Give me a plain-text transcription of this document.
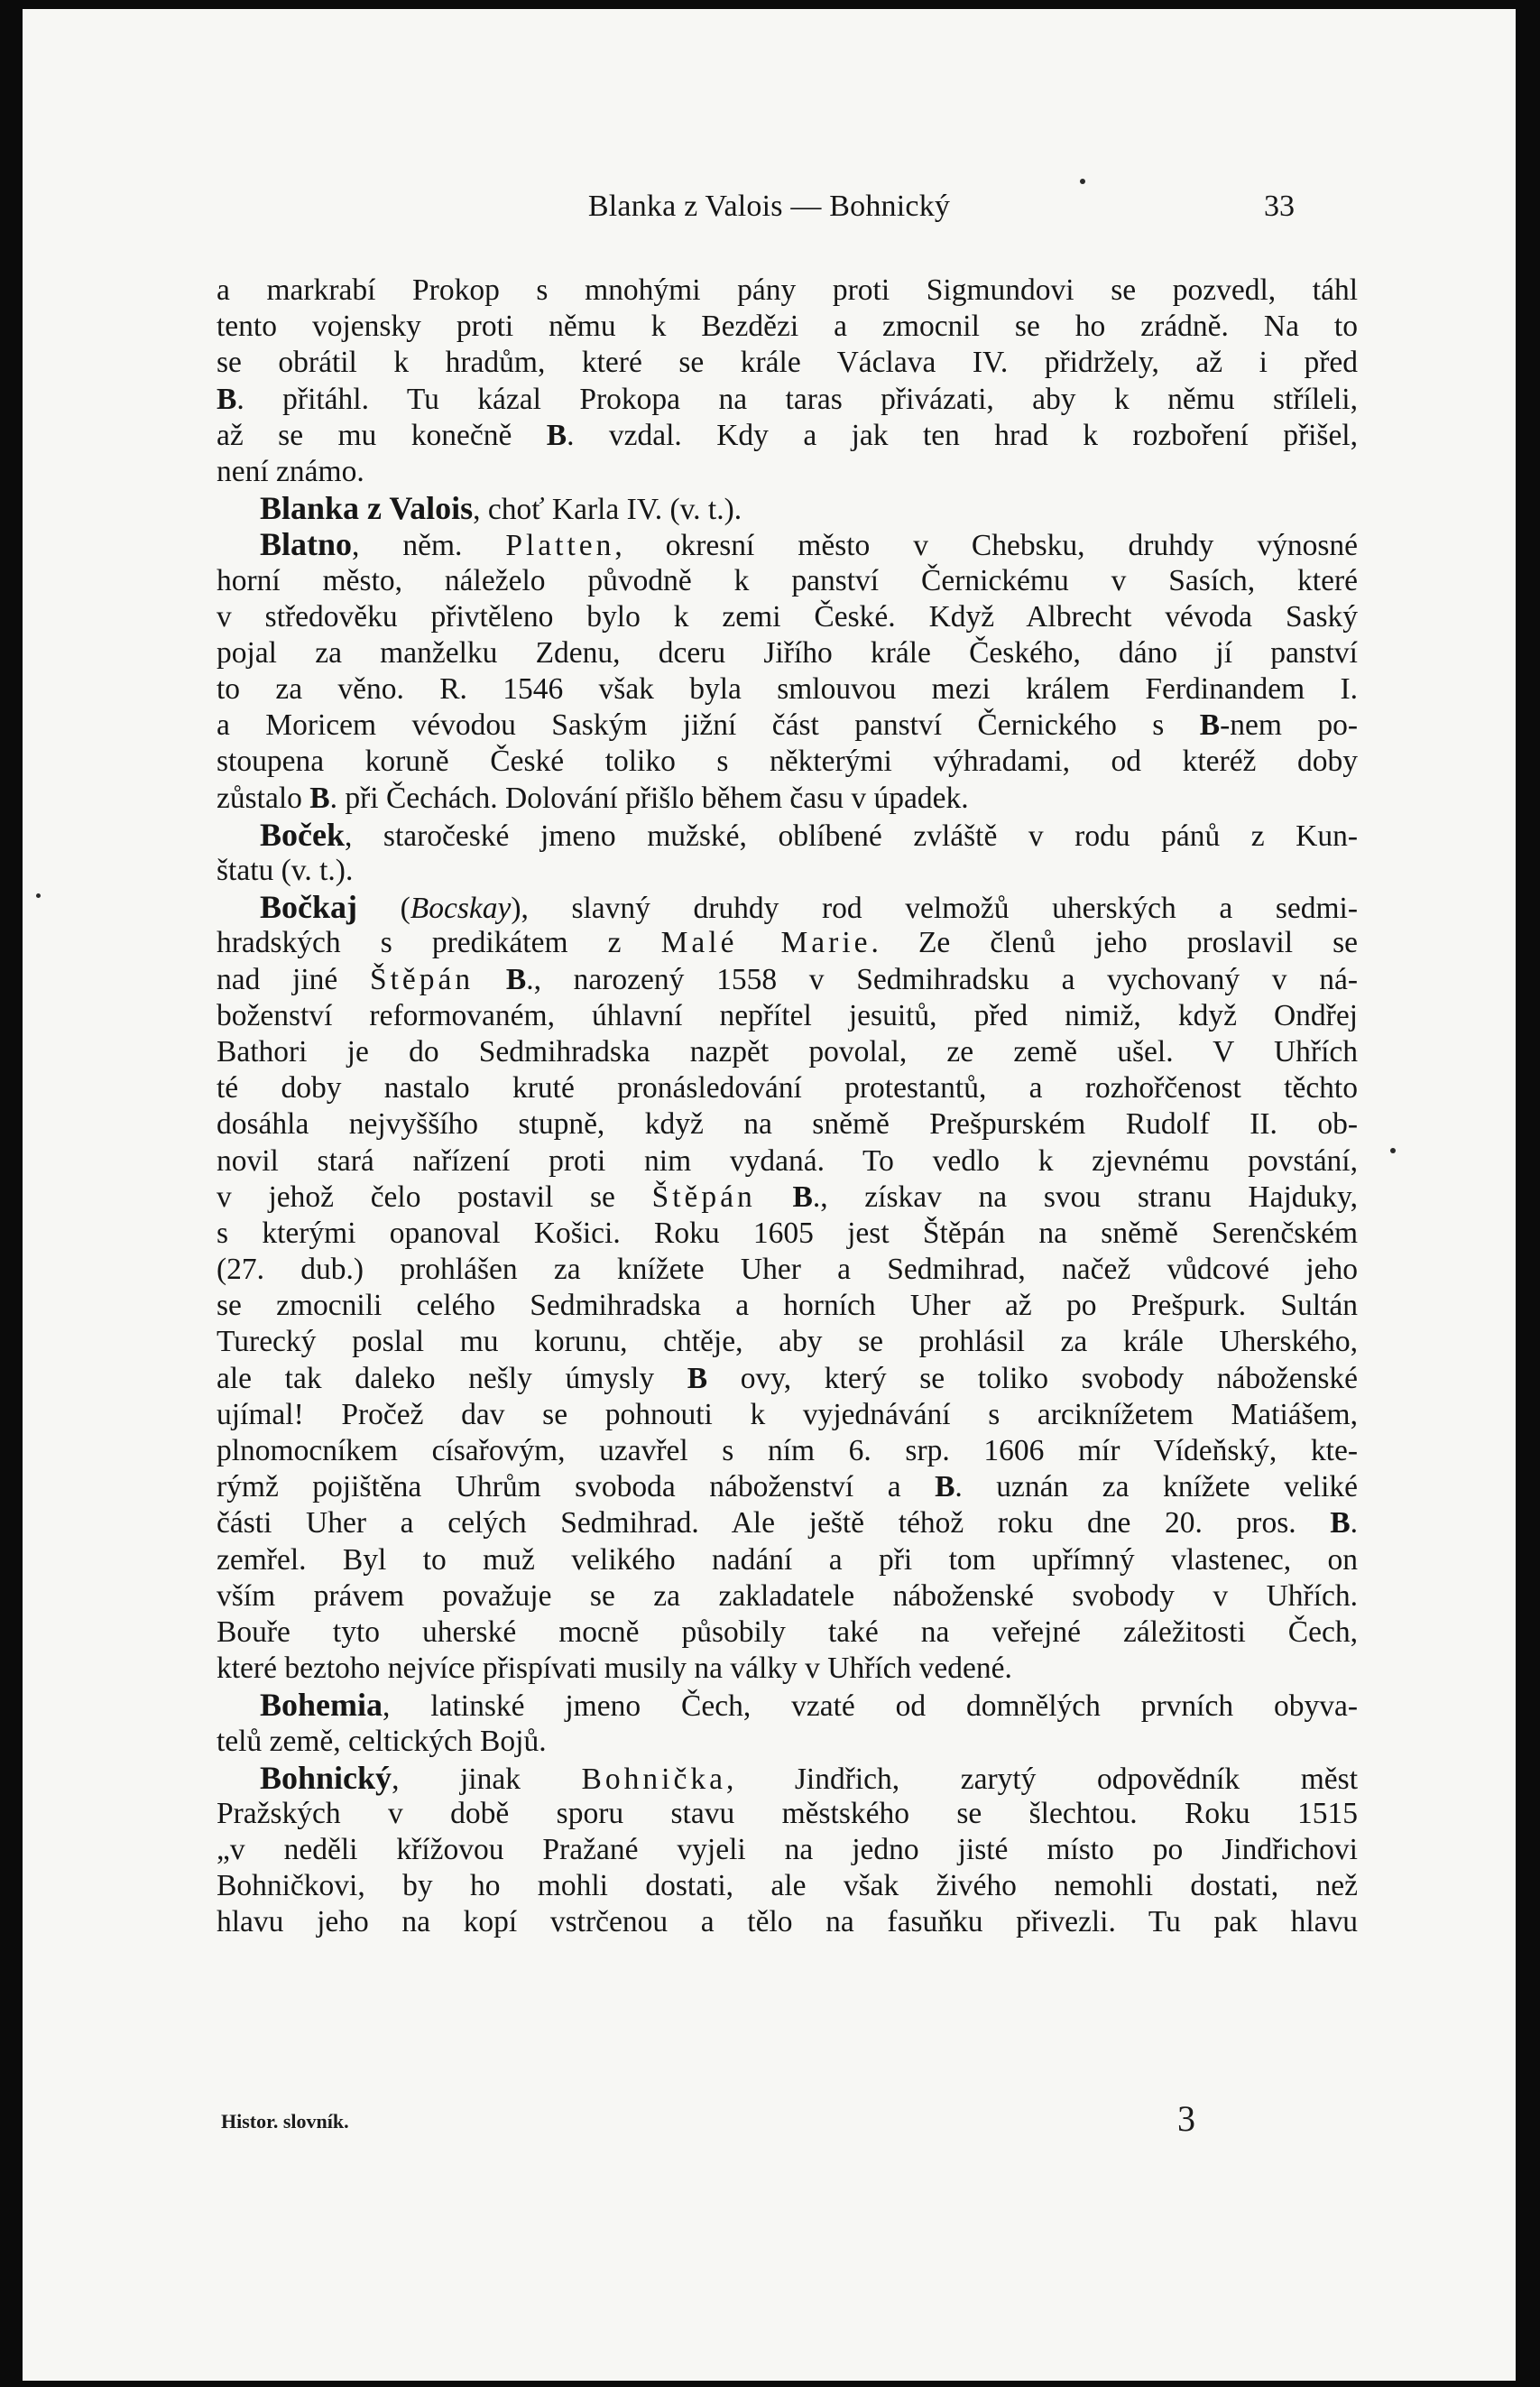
Blanka z Valois — Bohnický	33
a markrabí Prokop s mnohými pány proti Sigmundovi se pozvedl, táhl
tento vojensky proti němu k Bezdězi a zmocnil se ho zrádně. Na to
se obrátil k hradům, které se krále Václava IV. přidržely, až i před
B. přitáhl. Tu kázal Prokopa na taras přivázati, aby k němu stříleli,
až se mu konečně B. vzdal. Kdy a jak ten hrad k rozboření přišel,
není známo.
Blanka z Valois, choť Karla IV. (v. t.).
Blatno, něm. Platten, okresní město v Chebsku, druhdy výnosné
horní město, náleželo původně k panství Černickému v Sasích, které
v středověku přivtěleno bylo k zemi České. Když Albrecht vévoda Saský
pojal za manželku Zdenu, dceru Jiřího krále Českého, dáno jí panství
to za věno. R. 1546 však byla smlouvou mezi králem Ferdinandem I.
a Moricem vévodou Saským jižní část panství Černického s B-nem po-
stoupena koruně České toliko s některými výhradami, od kteréž doby
zůstalo B. při Čechách. Dolování přišlo během času v úpadek.
Boček, staročeské jmeno mužské, oblíbené zvláště v rodu pánů z Kun-
štatu (v. t.).
Bočkaj (Bocskay), slavný druhdy rod velmožů uherských a sedmi-
hradských s predikátem z Malé Marie. Ze členů jeho proslavil se
nad jiné Štěpán B., narozený 1558 v Sedmihradsku a vychovaný v ná-
boženství reformovaném, úhlavní nepřítel jesuitů, před nimiž, když Ondřej
Bathori je do Sedmihradska nazpět povolal, ze země ušel. V Uhřích
té doby nastalo kruté pronásledování protestantů, a rozhořčenost těchto
dosáhla nejvyššího stupně, když na sněmě Prešpurském Rudolf II. ob-
novil stará nařízení proti nim vydaná. To vedlo k zjevnému povstání,
v jehož čelo postavil se Štěpán B., získav na svou stranu Hajduky,
s kterými opanoval Košici. Roku 1605 jest Štěpán na sněmě Serenčském
(27. dub.) prohlášen za knížete Uher a Sedmihrad, načež vůdcové jeho
se zmocnili celého Sedmihradska a horních Uher až po Prešpurk. Sultán
Turecký poslal mu korunu, chtěje, aby se prohlásil za krále Uherského,
ale tak daleko nešly úmysly B ovy, který se toliko svobody náboženské
ujímal! Pročež dav se pohnouti k vyjednávání s arciknížetem Matiášem,
plnomocníkem císařovým, uzavřel s ním 6. srp. 1606 mír Vídeňský, kte-
rýmž pojištěna Uhrům svoboda náboženství a B. uznán za knížete veliké
části Uher a celých Sedmihrad. Ale ještě téhož roku dne 20. pros. B.
zemřel. Byl to muž velikého nadání a při tom upřímný vlastenec, on
vším právem považuje se za zakladatele náboženské svobody v Uhřích.
Bouře tyto uherské mocně působily také na veřejné záležitosti Čech,
které beztoho nejvíce přispívati musily na války v Uhřích vedené.
Bohemia, latinské jmeno Čech, vzaté od domnělých prvních obyva-
telů země, celtických Bojů.
Bohnický, jinak Bohnička, Jindřich, zarytý odpovědník měst
Pražských v době sporu stavu městského se šlechtou. Roku 1515
„v neděli křížovou Pražané vyjeli na jedno jisté místo po Jindřichovi
Bohničkovi, by ho mohli dostati, ale však živého nemohli dostati, než
hlavu jeho na kopí vstrčenou a tělo na fasuňku přivezli. Tu pak hlavu
Histor. slovník.	3
